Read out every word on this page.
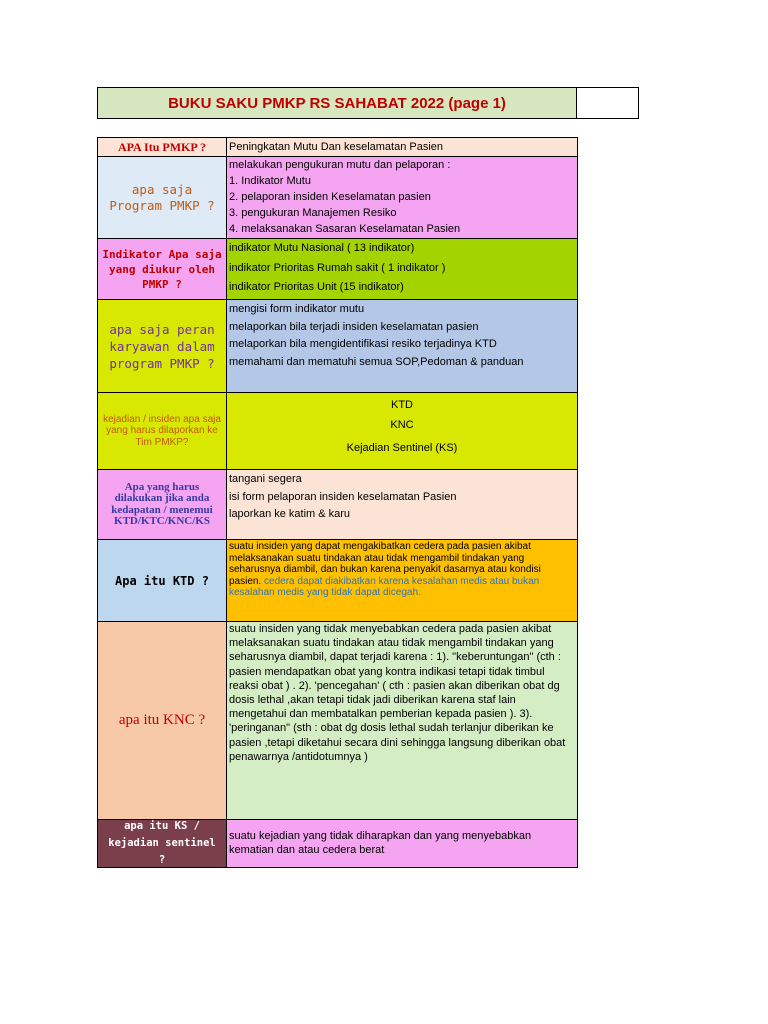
BUKU SAKU PMKP RS SAHABAT 2022 (page 1)
APA Itu PMKP ? Peningkatan Mutu Dan keselamatan Pasien
apa saja Program PMKP ?
melakukan pengukuran mutu dan pelaporan :
1. Indikator Mutu
2. pelaporan insiden Keselamatan pasien
3. pengukuran Manajemen Resiko
4. melaksanakan Sasaran Keselamatan Pasien
Indikator Apa saja yang diukur oleh PMKP ?
indikator Mutu Nasional ( 13 indikator)
indikator Prioritas Rumah sakit ( 1 indikator )
indikator Prioritas Unit (15 indikator)
apa saja peran karyawan dalam program PMKP ?
mengisi form indikator mutu
melaporkan bila terjadi insiden keselamatan pasien
melaporkan bila mengidentifikasi resiko terjadinya KTD
memahami dan mematuhi semua SOP,Pedoman & panduan
kejadian / insiden apa saja yang harus dilaporkan ke Tim PMKP?
KTD
KNC
Kejadian Sentinel (KS)
Apa yang harus dilakukan jika anda kedapatan / menemui KTD/KTC/KNC/KS
tangani segera
isi form pelaporan insiden keselamatan Pasien
laporkan ke katim & karu
Apa itu KTD ?
suatu insiden yang dapat mengakibatkan cedera pada pasien akibat melaksanakan suatu tindakan atau tidak mengambil tindakan yang seharusnya diambil, dan bukan karena penyakit dasarnya atau kondisi pasien. cedera dapat diakibatkan karena kesalahan medis atau bukan kesalahan medis yang tidak dapat dicegah.
apa itu KNC ?
suatu insiden yang tidak menyebabkan cedera pada pasien akibat melaksanakan suatu tindakan atau tidak mengambil tindakan yang seharusnya diambil, dapat terjadi karena : 1). "keberuntungan" (cth : pasien mendapatkan obat yang kontra indikasi tetapi tidak timbul reaksi obat ) . 2). 'pencegahan' ( cth : pasien akan diberikan obat dg dosis lethal ,akan tetapi tidak jadi diberikan karena staf lain mengetahui dan membatalkan pemberian kepada pasien ). 3). 'peringanan" (sth : obat dg dosis lethal sudah terlanjur diberikan ke pasien ,tetapi diketahui secara dini sehingga langsung diberikan obat penawarnya /antidotumnya )
apa itu KS / kejadian sentinel ?
suatu kejadian yang tidak diharapkan dan yang menyebabkan kematian dan atau cedera berat
